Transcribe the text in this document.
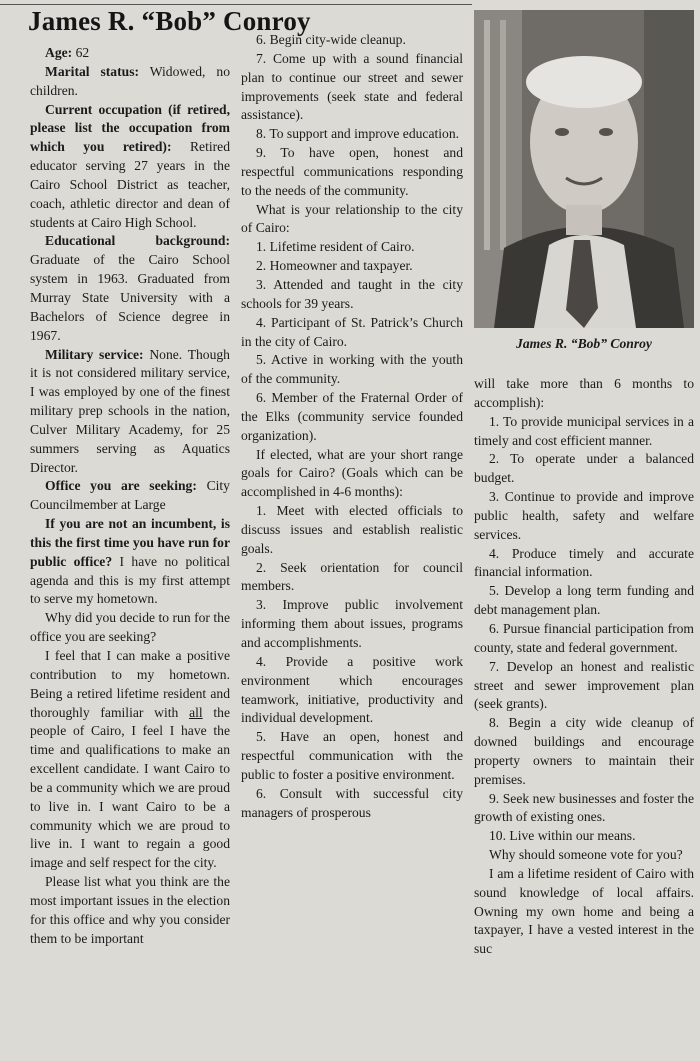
James R. “Bob” Conroy

Age: 62

Marital status: Widowed, no children.

Current occupation (if retired, please list the occupation from which you retired): Retired educator serving 27 years in the Cairo School District as teacher, coach, athletic director and dean of students at Cairo High School.

Educational background: Graduate of the Cairo School system in 1963. Graduated from Murray State University with a Bachelors of Science degree in 1967.

Military service: None. Though it is not considered military service, I was employed by one of the finest military prep schools in the nation, Culver Military Academy, for 25 summers serving as Aquatics Director.

Office you are seeking: City Councilmember at Large

If you are not an incumbent, is this the first time you have run for public office? I have no political agenda and this is my first attempt to serve my hometown.

Why did you decide to run for the office you are seeking?

I feel that I can make a positive contribution to my hometown. Being a retired lifetime resident and thoroughly familiar with all the people of Cairo, I feel I have the time and qualifications to make an excellent candidate. I want Cairo to be a community which we are proud to live in. I want Cairo to be a community which we are proud to live in. I want to regain a good image and self respect for the city.

Please list what you think are the most important issues in the election for this office and why you consider them to be important

6. Begin city-wide cleanup.

7. Come up with a sound financial plan to continue our street and sewer improvements (seek state and federal assistance).

8. To support and improve education.

9. To have open, honest and respectful communications responding to the needs of the community.

What is your relationship to the city of Cairo:

1. Lifetime resident of Cairo.

2. Homeowner and taxpayer.

3. Attended and taught in the city schools for 39 years.

4. Participant of St. Patrick’s Church in the city of Cairo.

5. Active in working with the youth of the community.

6. Member of the Fraternal Order of the Elks (community service founded organization).

If elected, what are your short range goals for Cairo? (Goals which can be accomplished in 4-6 months):

1. Meet with elected officials to discuss issues and establish realistic goals.

2. Seek orientation for council members.

3. Improve public involvement informing them about issues, programs and accomplishments.

4. Provide a positive work environment which encourages teamwork, initiative, productivity and individual development.

5. Have an open, honest and respectful communication with the public to foster a positive environment.

6. Consult with successful city managers of prosperous

James R. “Bob” Conroy

will take more than 6 months to accomplish):

1. To provide municipal services in a timely and cost efficient manner.

2. To operate under a balanced budget.

3. Continue to provide and improve public health, safety and welfare services.

4. Produce timely and accurate financial information.

5. Develop a long term funding and debt management plan.

6. Pursue financial participation from county, state and federal government.

7. Develop an honest and realistic street and sewer improvement plan (seek grants).

8. Begin a city wide cleanup of downed buildings and encourage property owners to maintain their premises.

9. Seek new businesses and foster the growth of existing ones.

10. Live within our means.

Why should someone vote for you?

I am a lifetime resident of Cairo with sound knowledge of local affairs. Owning my own home and being a taxpayer, I have a vested interest in the suc
